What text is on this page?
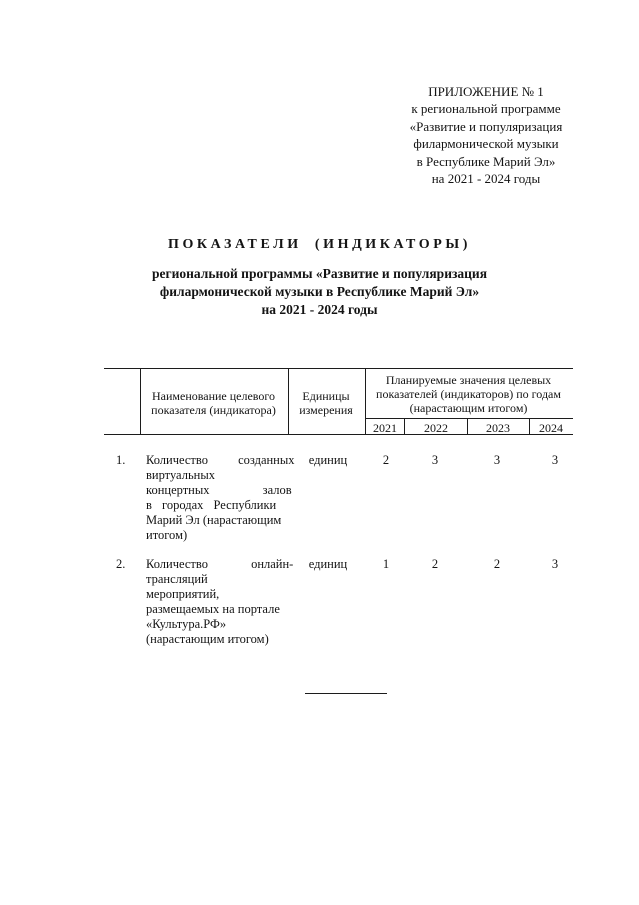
ПРИЛОЖЕНИЕ № 1
к региональной программе
«Развитие и популяризация
филармонической музыки
в Республике Марий Эл»
на 2021 - 2024 годы
ПОКАЗАТЕЛИ (ИНДИКАТОРЫ)
региональной программы «Развитие и популяризация
филармонической музыки в Республике Марий Эл»
на 2021 - 2024 годы
Наименование целевого показателя (индикатора)
Единицы измерения
Планируемые значения целевых показателей (индикаторов) по годам (нарастающим итогом)
2021	2022	2023	2024
1. Количество созданных
виртуальных
концертных залов
в городах Республики
Марий Эл (нарастающим
итогом)
единиц	2	3	3	3
2. Количество онлайн-
трансляций
мероприятий,
размещаемых на портале
«Культура.РФ»
(нарастающим итогом)
единиц	1	2	2	3
